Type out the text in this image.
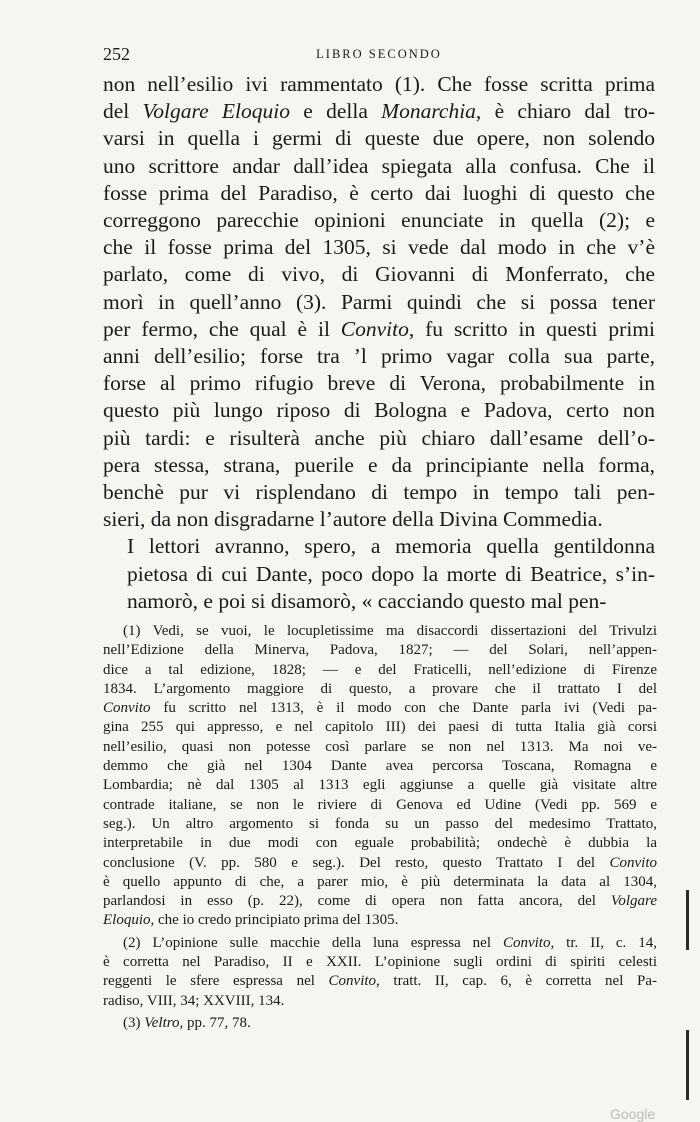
252	LIBRO SECONDO

non nell’esilio ivi rammentato (1). Che fosse scritta prima
del Volgare Eloquio e della Monarchia, è chiaro dal tro-
varsi in quella i germi di queste due opere, non solendo
uno scrittore andar dall’idea spiegata alla confusa. Che il
fosse prima del Paradiso, è certo dai luoghi di questo che
correggono parecchie opinioni enunciate in quella (2); e
che il fosse prima del 1305, si vede dal modo in che v’è
parlato, come di vivo, di Giovanni di Monferrato, che
morì in quell’anno (3). Parmi quindi che si possa tener
per fermo, che qual è il Convito, fu scritto in questi primi
anni dell’esilio; forse tra ’l primo vagar colla sua parte,
forse al primo rifugio breve di Verona, probabilmente in
questo più lungo riposo di Bologna e Padova, certo non
più tardi: e risulterà anche più chiaro dall’esame dell’o-
pera stessa, strana, puerile e da principiante nella forma,
benchè pur vi risplendano di tempo in tempo tali pen-
sieri, da non disgradarne l’autore della Divina Commedia.

I lettori avranno, spero, a memoria quella gentildonna
pietosa di cui Dante, poco dopo la morte di Beatrice, s’in-
namorò, e poi si disamorò, « cacciando questo mal pen-

(1) Vedi, se vuoi, le locupletissime ma disaccordi dissertazioni del Trivulzi
nell’Edizione della Minerva, Padova, 1827; — del Solari, nell’appen-
dice a tal edizione, 1828; — e del Fraticelli, nell’edizione di Firenze
1834. L’argomento maggiore di questo, a provare che il trattato I del
Convito fu scritto nel 1313, è il modo con che Dante parla ivi (Vedi pa-
gina 255 qui appresso, e nel capitolo III) dei paesi di tutta Italia già corsi
nell’esilio, quasi non potesse così parlare se non nel 1313. Ma noi ve-
demmo che già nel 1304 Dante avea percorsa Toscana, Romagna e
Lombardia; nè dal 1305 al 1313 egli aggiunse a quelle già visitate altre
contrade italiane, se non le riviere di Genova ed Udine (Vedi pp. 569 e
seg.). Un altro argomento si fonda su un passo del medesimo Trattato,
interpretabile in due modi con eguale probabilità; ondechè è dubbia la
conclusione (V. pp. 580 e seg.). Del resto, questo Trattato I del Convito
è quello appunto di che, a parer mio, è più determinata la data al 1304,
parlandosi in esso (p. 22), come di opera non fatta ancora, del Volgare
Eloquio, che io credo principiato prima del 1305.
(2) L’opinione sulle macchie della luna espressa nel Convito, tr. II, c. 14,
è corretta nel Paradiso, II e XXII. L’opinione sugli ordini di spiriti celesti
reggenti le sfere espressa nel Convito, tratt. II, cap. 6, è corretta nel Pa-
radiso, VIII, 34; XXVIII, 134.
(3) Veltro, pp. 77, 78.
Google
